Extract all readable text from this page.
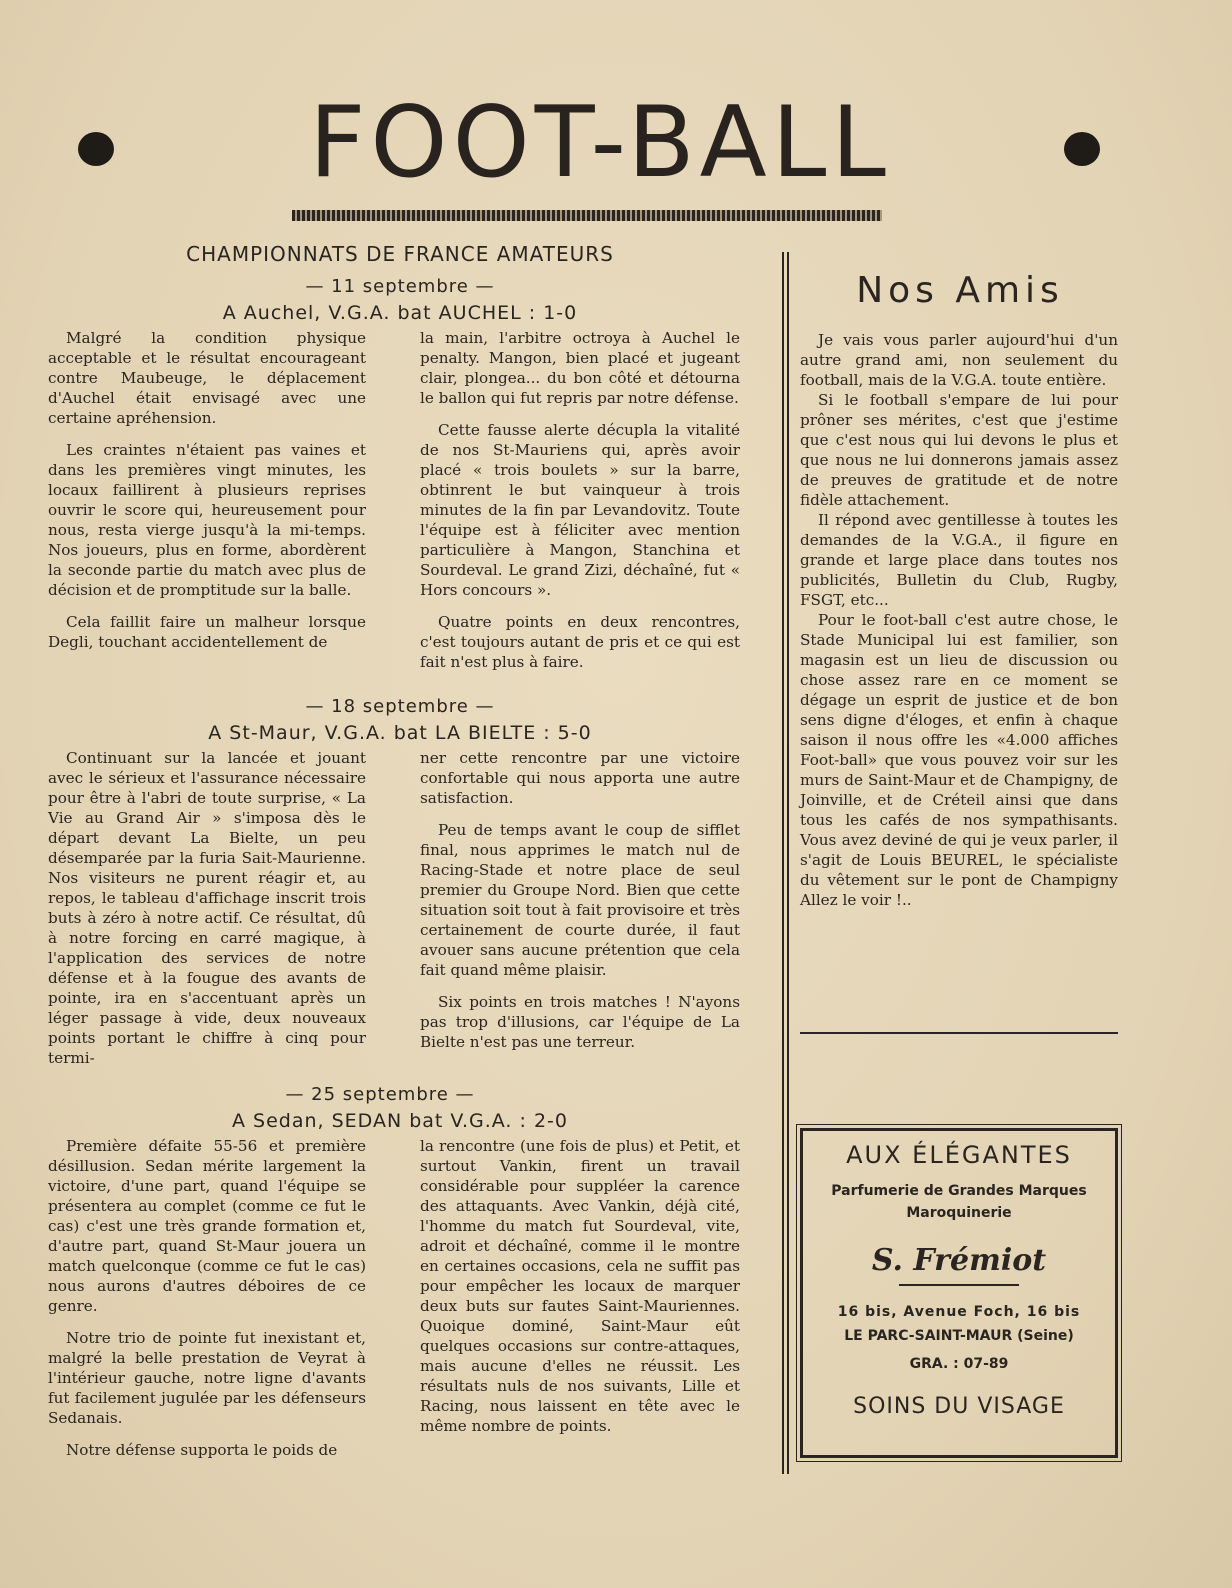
FOOT-BALL
CHAMPIONNATS DE FRANCE AMATEURS
— 11 septembre —
A Auchel, V.G.A. bat AUCHEL : 1-0

Malgré la condition physique acceptable et le résultat encourageant contre Maubeuge, le déplacement d'Auchel était envisagé avec une certaine apréhension.

Les craintes n'étaient pas vaines et dans les premières vingt minutes, les locaux faillirent à plusieurs reprises ouvrir le score qui, heureusement pour nous, resta vierge jusqu'à la mi-temps. Nos joueurs, plus en forme, abordèrent la seconde partie du match avec plus de décision et de promptitude sur la balle.

Cela faillit faire un malheur lorsque Degli, touchant accidentellement de

la main, l'arbitre octroya à Auchel le penalty. Mangon, bien placé et jugeant clair, plongea... du bon côté et détourna le ballon qui fut repris par notre défense.

Cette fausse alerte décupla la vitalité de nos St-Mauriens qui, après avoir placé « trois boulets » sur la barre, obtinrent le but vainqueur à trois minutes de la fin par Levandovitz. Toute l'équipe est à féliciter avec mention particulière à Mangon, Stanchina et Sourdeval. Le grand Zizi, déchaîné, fut « Hors concours ».

Quatre points en deux rencontres, c'est toujours autant de pris et ce qui est fait n'est plus à faire.

— 18 septembre —
A St-Maur, V.G.A. bat LA BIELTE : 5-0

Continuant sur la lancée et jouant avec le sérieux et l'assurance nécessaire pour être à l'abri de toute surprise, « La Vie au Grand Air » s'imposa dès le départ devant La Bielte, un peu désemparée par la furia Sait-Maurienne. Nos visiteurs ne purent réagir et, au repos, le tableau d'affichage inscrit trois buts à zéro à notre actif. Ce résultat, dû à notre forcing en carré magique, à l'application des services de notre défense et à la fougue des avants de pointe, ira en s'accentuant après un léger passage à vide, deux nouveaux points portant le chiffre à cinq pour termi-

ner cette rencontre par une victoire confortable qui nous apporta une autre satisfaction.

Peu de temps avant le coup de sifflet final, nous apprimes le match nul de Racing-Stade et notre place de seul premier du Groupe Nord. Bien que cette situation soit tout à fait provisoire et très certainement de courte durée, il faut avouer sans aucune prétention que cela fait quand même plaisir.

Six points en trois matches ! N'ayons pas trop d'illusions, car l'équipe de La Bielte n'est pas une terreur.

— 25 septembre —
A Sedan, SEDAN bat V.G.A. : 2-0

Première défaite 55-56 et première désillusion. Sedan mérite largement la victoire, d'une part, quand l'équipe se présentera au complet (comme ce fut le cas) c'est une très grande formation et, d'autre part, quand St-Maur jouera un match quelconque (comme ce fut le cas) nous aurons d'autres déboires de ce genre.

Notre trio de pointe fut inexistant et, malgré la belle prestation de Veyrat à l'intérieur gauche, notre ligne d'avants fut facilement jugulée par les défenseurs Sedanais.

Notre défense supporta le poids de

la rencontre (une fois de plus) et Petit, et surtout Vankin, firent un travail considérable pour suppléer la carence des attaquants. Avec Vankin, déjà cité, l'homme du match fut Sourdeval, vite, adroit et déchaîné, comme il le montre en certaines occasions, cela ne suffit pas pour empêcher les locaux de marquer deux buts sur fautes Saint-Mauriennes. Quoique dominé, Saint-Maur eût quelques occasions sur contre-attaques, mais aucune d'elles ne réussit. Les résultats nuls de nos suivants, Lille et Racing, nous laissent en tête avec le même nombre de points.

Nos Amis

Je vais vous parler aujourd'hui d'un autre grand ami, non seulement du football, mais de la V.G.A. toute entière.

Si le football s'empare de lui pour prôner ses mérites, c'est que j'estime que c'est nous qui lui devons le plus et que nous ne lui donnerons jamais assez de preuves de gratitude et de notre fidèle attachement.

Il répond avec gentillesse à toutes les demandes de la V.G.A., il figure en grande et large place dans toutes nos publicités, Bulletin du Club, Rugby, FSGT, etc...

Pour le foot-ball c'est autre chose, le Stade Municipal lui est familier, son magasin est un lieu de discussion ou chose assez rare en ce moment se dégage un esprit de justice et de bon sens digne d'éloges, et enfin à chaque saison il nous offre les «4.000 affiches Foot-ball» que vous pouvez voir sur les murs de Saint-Maur et de Champigny, de Joinville, et de Créteil ainsi que dans tous les cafés de nos sympathisants. Vous avez deviné de qui je veux parler, il s'agit de Louis BEUREL, le spécialiste du vêtement sur le pont de Champigny Allez le voir !..

AUX ÉLÉGANTES
Parfumerie de Grandes Marques
Maroquinerie
S. Frémiot
16 bis, Avenue Foch, 16 bis
LE PARC-SAINT-MAUR (Seine)
GRA. : 07-89
SOINS DU VISAGE
